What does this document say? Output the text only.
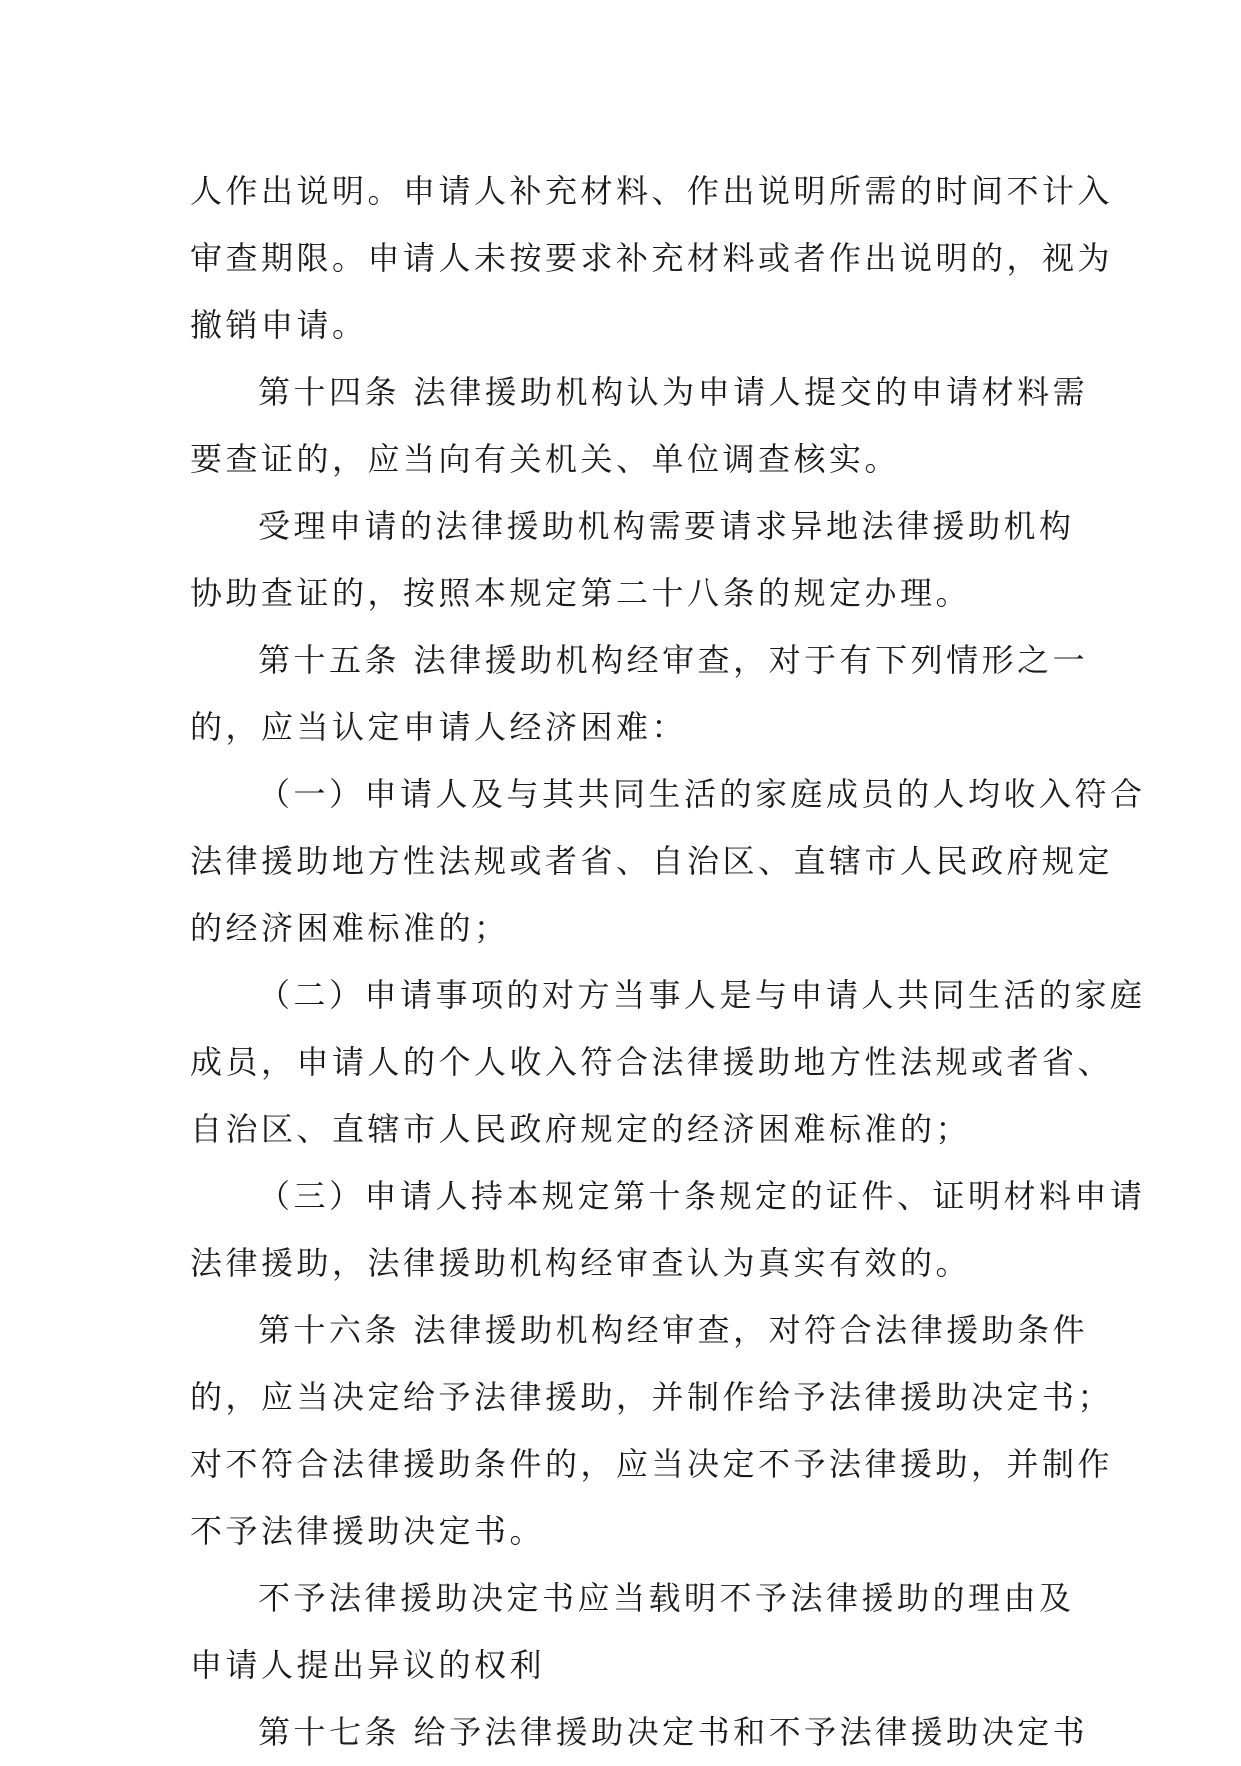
人作出说明。申请人补充材料、作出说明所需的时间不计入
审查期限。申请人未按要求补充材料或者作出说明的，视为
撤销申请。
第十四条 法律援助机构认为申请人提交的申请材料需
要查证的，应当向有关机关、单位调查核实。
受理申请的法律援助机构需要请求异地法律援助机构
协助查证的，按照本规定第二十八条的规定办理。
第十五条 法律援助机构经审查，对于有下列情形之一
的，应当认定申请人经济困难：
（一）申请人及与其共同生活的家庭成员的人均收入符合
法律援助地方性法规或者省、自治区、直辖市人民政府规定
的经济困难标准的；
（二）申请事项的对方当事人是与申请人共同生活的家庭
成员，申请人的个人收入符合法律援助地方性法规或者省、
自治区、直辖市人民政府规定的经济困难标准的；
（三）申请人持本规定第十条规定的证件、证明材料申请
法律援助，法律援助机构经审查认为真实有效的。
第十六条 法律援助机构经审查，对符合法律援助条件
的，应当决定给予法律援助，并制作给予法律援助决定书；
对不符合法律援助条件的，应当决定不予法律援助，并制作
不予法律援助决定书。
不予法律援助决定书应当载明不予法律援助的理由及
申请人提出异议的权利
第十七条 给予法律援助决定书和不予法律援助决定书
